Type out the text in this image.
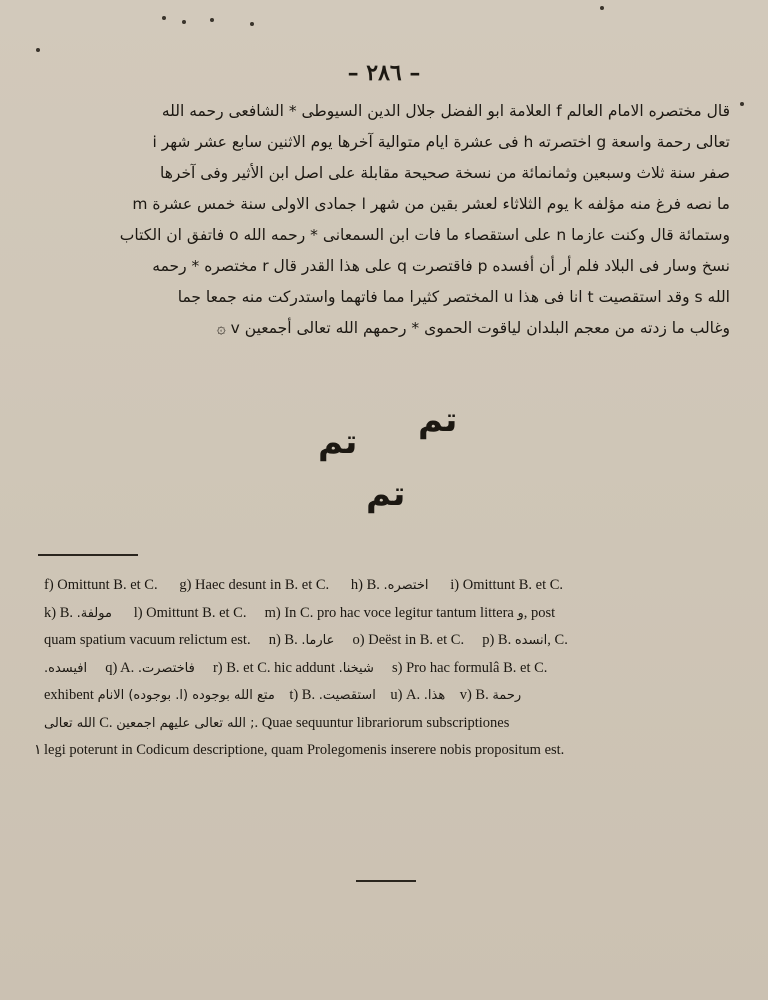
– ٢٨٦ –
قال مختصره الامام العالم f العلامة ابو الفضل جلال الدين السيوطى * الشافعى رحمه الله
تعالى رحمة واسعة g اختصرته h فى عشرة ايام متوالية آخرها يوم الاثنين سابع عشر شهر i
صفر سنة ثلاث وسبعين وثمانمائة من نسخة صحيحة مقابلة على اصل ابن الأثير وفى آخرها
ما نصه فرغ منه مؤلفه k يوم الثلاثاء لعشر بقين من شهر l جمادى الاولى سنة خمس عشرة m
وستمائة قال وكنت عازما n على استقصاء ما فات ابن السمعانى * رحمه الله o فاتفق ان الكتاب
نسخ وسار فى البلاد فلم أر أن أفسده p فاقتصرت q على هذا القدر قال r مختصره * رحمه
الله s وقد استقصيت t انا فى هذا u المختصر كثيرا مما فاتهما واستدركت منه جمعا جما
وغالب ما زدته من معجم البلدان لياقوت الحموى * رحمهم الله تعالى أجمعين v ۞
تم
تم
تم
f) Omittunt B. et C. g) Haec desunt in B. et C. h) B. اختصره. i) Omittunt B. et C.
k) B. مولفة. l) Omittunt B. et C. m) In C. pro hac voce legitur tantum littera و, post
quam spatium vacuum relictum est. n) B. عارما. o) Deëst in B. et C. p) B. انسده, C.
افيسده. q) A. فاختصرت. r) B. et C. hic addunt شيخنا. s) Pro hac formulâ B. et C.
exhibent متع الله بوجوده (l. بوجوده) الانام t) B. استقصيت. u) A. هذا. v) B. رحمة
الله تعالى C. ; الله تعالى عليهم اجمعين. Quae sequuntur librariorum subscriptiones
legi poterunt in Codicum descriptione, quam Prolegomenis inserere nobis propositum est.
١
